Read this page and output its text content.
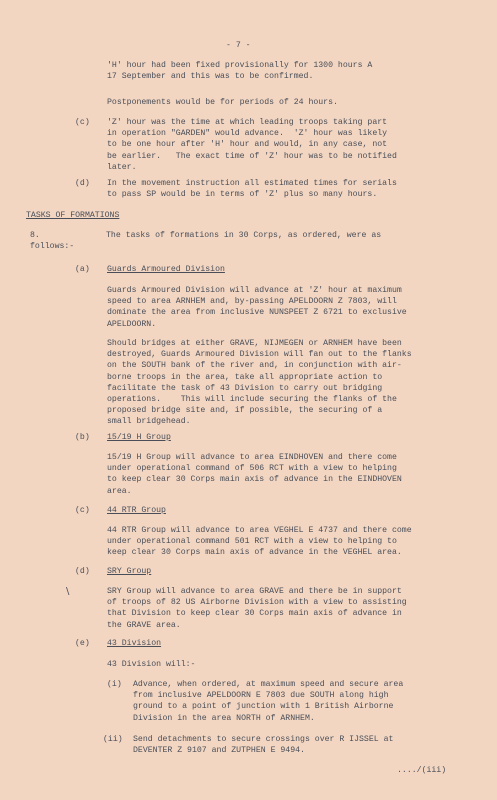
- 7 -
'H' hour had been fixed provisionally for 1300 hours A
17 September and this was to be confirmed.
Postponements would be for periods of 24 hours.
(c) 'Z' hour was the time at which leading troops taking part
in operation "GARDEN" would advance.  'Z' hour was likely
to be one hour after 'H' hour and would, in any case, not
be earlier.   The exact time of 'Z' hour was to be notified
later.
(d) In the movement instruction all estimated times for serials
to pass SP would be in terms of 'Z' plus so many hours.
TASKS OF FORMATIONS
8.	The tasks of formations in 30 Corps, as ordered, were as
follows:-
(a) Guards Armoured Division
Guards Armoured Division will advance at 'Z' hour at maximum
speed to area ARNHEM and, by-passing APELDOORN Z 7803, will
dominate the area from inclusive NUNSPEET Z 6721 to exclusive
APELDOORN.
Should bridges at either GRAVE, NIJMEGEN or ARNHEM have been
destroyed, Guards Armoured Division will fan out to the flanks
on the SOUTH bank of the river and, in conjunction with air-
borne troops in the area, take all appropriate action to
facilitate the task of 43 Division to carry out bridging
operations.    This will include securing the flanks of the
proposed bridge site and, if possible, the securing of a
small bridgehead.
(b) 15/19 H Group
15/19 H Group will advance to area EINDHOVEN and there come
under operational command of 506 RCT with a view to helping
to keep clear 30 Corps main axis of advance in the EINDHOVEN
area.
(c) 44 RTR Group
44 RTR Group will advance to area VEGHEL E 4737 and there come
under operational command 501 RCT with a view to helping to
keep clear 30 Corps main axis of advance in the VEGHEL area.
(d) SRY Group
\	SRY Group will advance to area GRAVE and there be in support
of troops of 82 US Airborne Division with a view to assisting
that Division to keep clear 30 Corps main axis of advance in
the GRAVE area.
(e) 43 Division
43 Division will:-
(i) Advance, when ordered, at maximum speed and secure area
from inclusive APELDOORN E 7803 due SOUTH along high
ground to a point of junction with 1 British Airborne
Division in the area NORTH of ARNHEM.
(ii) Send detachments to secure crossings over R IJSSEL at
DEVENTER Z 9107 and ZUTPHEN E 9494.
..../(iii)
